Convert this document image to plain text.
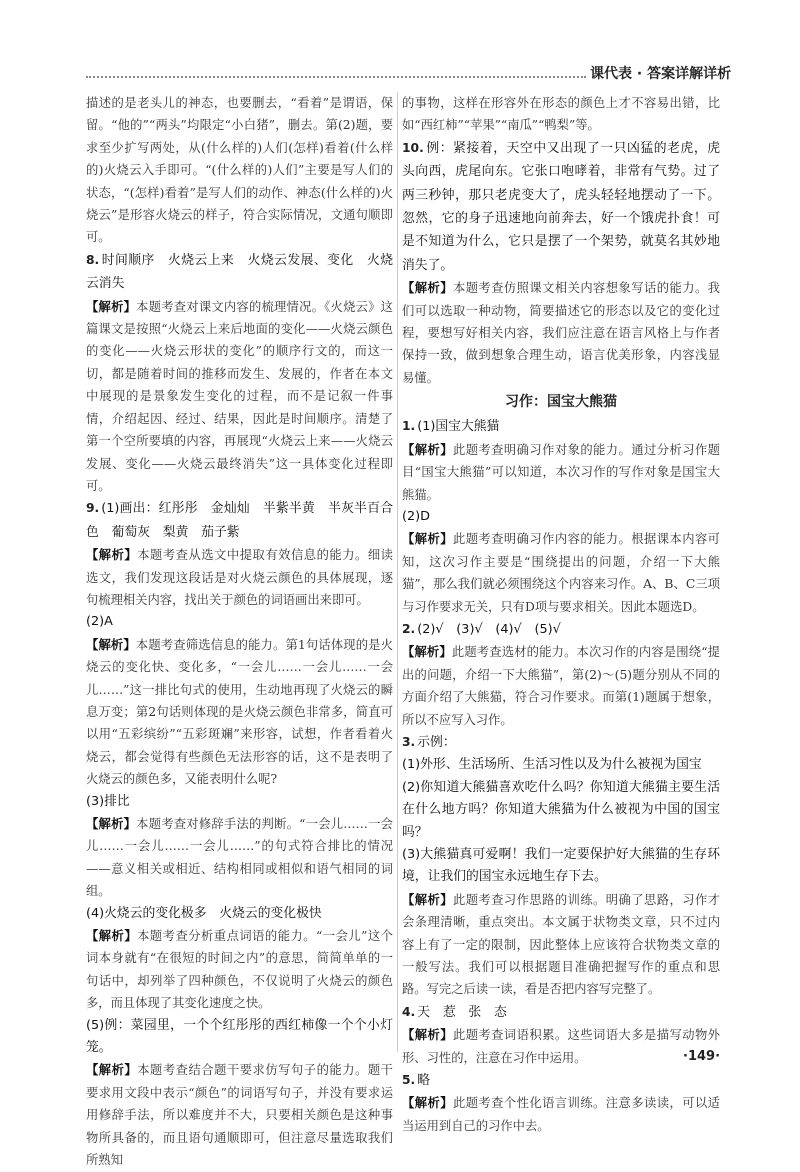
课代表 · 答案详解详析

描述的是老头儿的神态，也要删去，“看着”是谓语，保留。“他的”“两头”均限定“小白猪”，删去。第(2)题，要求至少扩写两处，从(什么样的)人们(怎样)看着(什么样的)火烧云入手即可。“(什么样的)人们”主要是写人们的状态，“(怎样)看着”是写人们的动作、神态(什么样的)火烧云”是形容火烧云的样子，符合实际情况，文通句顺即可。

8. 时间顺序　火烧云上来　火烧云发展、变化　火烧云消失

【解析】本题考查对课文内容的梳理情况。《火烧云》这篇课文是按照“火烧云上来后地面的变化——火烧云颜色的变化——火烧云形状的变化”的顺序行文的，而这一切，都是随着时间的推移而发生、发展的，作者在本文中展现的是景象发生变化的过程，而不是记叙一件事情，介绍起因、经过、结果，因此是时间顺序。清楚了第一个空所要填的内容，再展现“火烧云上来——火烧云发展、变化——火烧云最终消失”这一具体变化过程即可。

9. (1)画出：红彤彤　金灿灿　半紫半黄　半灰半百合色　葡萄灰　梨黄　茄子紫

【解析】本题考查从选文中提取有效信息的能力。细读选文，我们发现这段话是对火烧云颜色的具体展现，逐句梳理相关内容，找出关于颜色的词语画出来即可。

(2)A

【解析】本题考查筛选信息的能力。第1句话体现的是火烧云的变化快、变化多，“一会儿……一会儿……一会儿……”这一排比句式的使用，生动地再现了火烧云的瞬息万变；第2句话则体现的是火烧云颜色非常多，简直可以用“五彩缤纷”“五彩斑斓”来形容，试想，作者看着火烧云，都会觉得有些颜色无法形容的话，这不是表明了火烧云的颜色多，又能表明什么呢?

(3)排比

【解析】本题考查对修辞手法的判断。“一会儿……一会儿……一会儿……一会儿……”的句式符合排比的情况——意义相关或相近、结构相同或相似和语气相同的词组。

(4)火烧云的变化极多　火烧云的变化极快

【解析】本题考查分析重点词语的能力。“一会儿”这个词本身就有“在很短的时间之内”的意思，简简单单的一句话中，却列举了四种颜色，不仅说明了火烧云的颜色多，而且体现了其变化速度之快。

(5)例：菜园里，一个个红彤彤的西红柿像一个个小灯笼。

【解析】本题考查结合题干要求仿写句子的能力。题干要求用文段中表示“颜色”的词语写句子，并没有要求运用修辞手法，所以难度并不大，只要相关颜色是这种事物所具备的，而且语句通顺即可，但注意尽量选取我们所熟知

的事物，这样在形容外在形态的颜色上才不容易出错，比如“西红柿”“苹果”“南瓜”“鸭梨”等。

10. 例：紧接着，天空中又出现了一只凶猛的老虎，虎头向西，虎尾向东。它张口咆哮着，非常有气势。过了两三秒钟，那只老虎变大了，虎头轻轻地摆动了一下。忽然，它的身子迅速地向前奔去，好一个饿虎扑食！可是不知道为什么，它只是摆了一个架势，就莫名其妙地消失了。

【解析】本题考查仿照课文相关内容想象写话的能力。我们可以选取一种动物，简要描述它的形态以及它的变化过程，要想写好相关内容，我们应注意在语言风格上与作者保持一致，做到想象合理生动，语言优美形象，内容浅显易懂。

习作：国宝大熊猫

1. (1)国宝大熊猫

【解析】此题考查明确习作对象的能力。通过分析习作题目“国宝大熊猫”可以知道，本次习作的写作对象是国宝大熊猫。

(2)D

【解析】此题考查明确习作内容的能力。根据课本内容可知，这次习作主要是“围绕提出的问题，介绍一下大熊猫”，那么我们就必须围绕这个内容来习作。A、B、C三项与习作要求无关，只有D项与要求相关。因此本题选D。

2. (2)√　(3)√　(4)√　(5)√

【解析】此题考查选材的能力。本次习作的内容是围绕“提出的问题，介绍一下大熊猫”，第(2)～(5)题分别从不同的方面介绍了大熊猫，符合习作要求。而第(1)题属于想象，所以不应写入习作。

3. 示例：

(1)外形、生活场所、生活习性以及为什么被视为国宝

(2)你知道大熊猫喜欢吃什么吗？你知道大熊猫主要生活在什么地方吗？你知道大熊猫为什么被视为中国的国宝吗？

(3)大熊猫真可爱啊！我们一定要保护好大熊猫的生存环境，让我们的国宝永远地生存下去。

【解析】此题考查习作思路的训练。明确了思路，习作才会条理清晰，重点突出。本文属于状物类文章，只不过内容上有了一定的限制，因此整体上应该符合状物类文章的一般写法。我们可以根据题目准确把握写作的重点和思路。写完之后读一读，看是否把内容写完整了。

4. 天　惹　张　态

【解析】此题考查词语积累。这些词语大多是描写动物外形、习性的，注意在习作中运用。

5. 略

【解析】此题考查个性化语言训练。注意多读读，可以适当运用到自己的习作中去。

·149·
